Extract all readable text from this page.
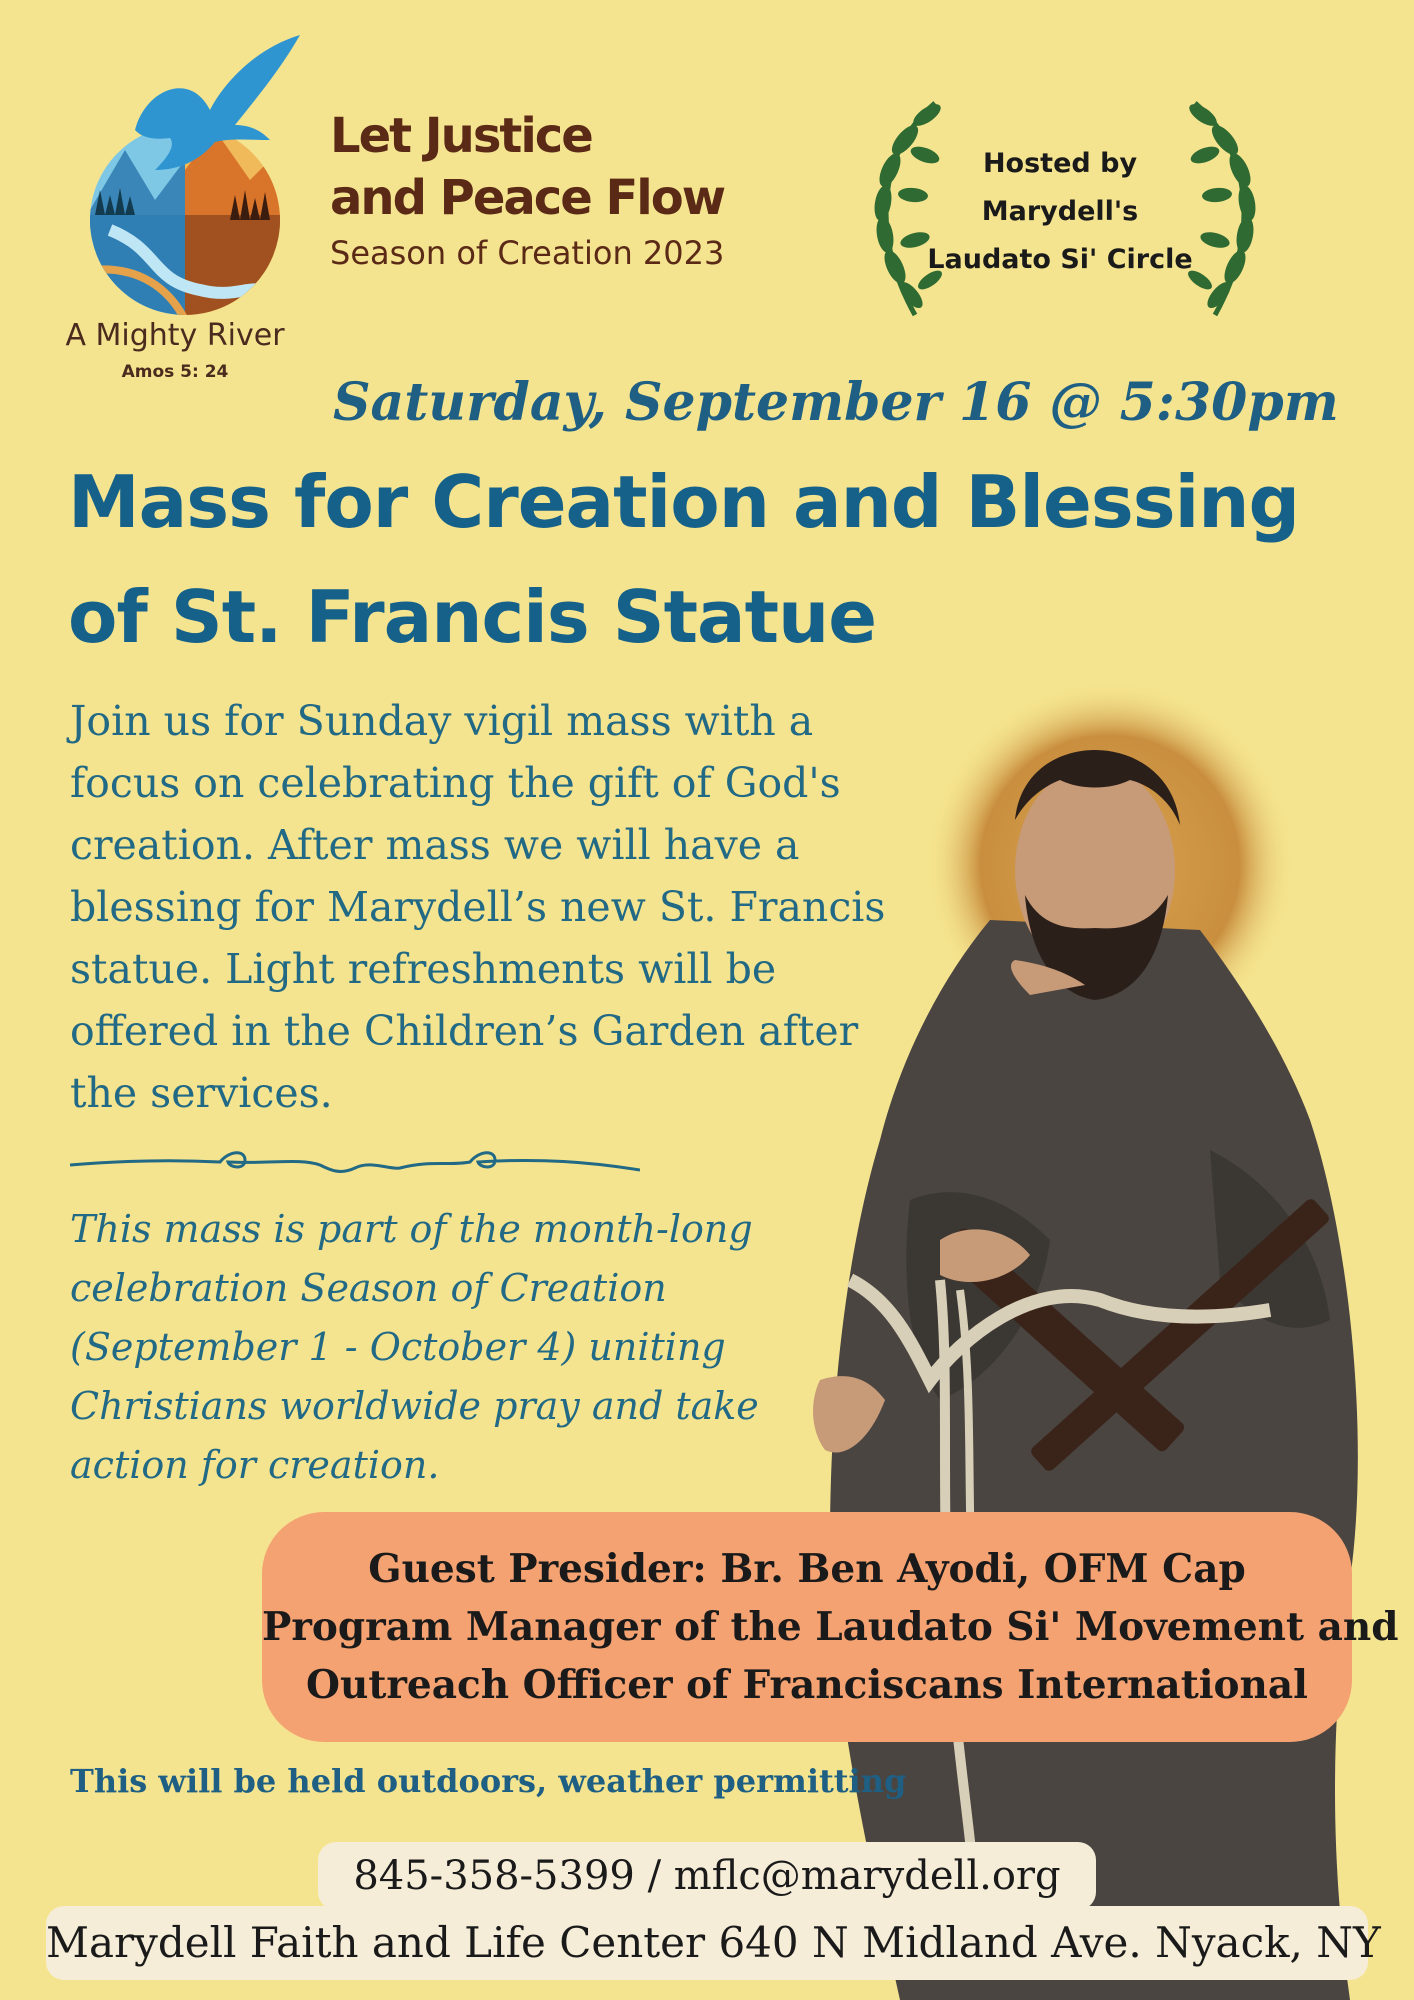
A Mighty River
Amos 5: 24
Let Justice
and Peace Flow
Season of Creation 2023
Hosted by
Marydell's
Laudato Si' Circle
Saturday, September 16 @ 5:30pm
Mass for Creation and Blessing
of St. Francis Statue
Join us for Sunday vigil mass with a focus on celebrating the gift of God's creation. After mass we will have a blessing for Marydell’s new St. Francis statue. Light refreshments will be offered in the Children’s Garden after the services.
This mass is part of the month-long celebration Season of Creation (September 1 - October 4) uniting Christians worldwide pray and take action for creation.
Guest Presider: Br. Ben Ayodi, OFM Cap
Program Manager of the Laudato Si' Movement and
Outreach Officer of Franciscans International
This will be held outdoors, weather permitting
845-358-5399 / mflc@marydell.org
Marydell Faith and Life Center 640 N Midland Ave. Nyack, NY
